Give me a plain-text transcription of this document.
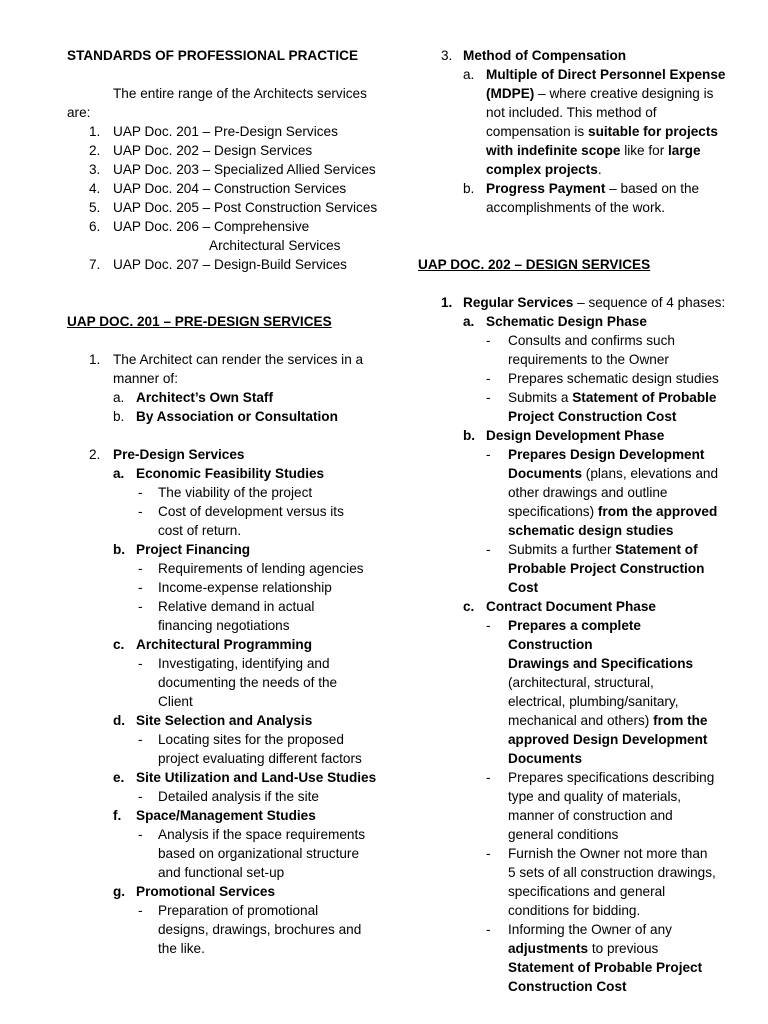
STANDARDS OF PROFESSIONAL PRACTICE
The entire range of the Architects services
are:
1. UAP Doc. 201 – Pre-Design Services
2. UAP Doc. 202 – Design Services
3. UAP Doc. 203 – Specialized Allied Services
4. UAP Doc. 204 – Construction Services
5. UAP Doc. 205 – Post Construction Services
6. UAP Doc. 206 – Comprehensive
Architectural Services
7. UAP Doc. 207 – Design-Build Services
UAP DOC. 201 – PRE-DESIGN SERVICES
1. The Architect can render the services in a
manner of:
a. Architect’s Own Staff
b. By Association or Consultation
2. Pre-Design Services
a. Economic Feasibility Studies
- The viability of the project
- Cost of development versus its
cost of return.
b. Project Financing
- Requirements of lending agencies
- Income-expense relationship
- Relative demand in actual
financing negotiations
c. Architectural Programming
- Investigating, identifying and
documenting the needs of the
Client
d. Site Selection and Analysis
- Locating sites for the proposed
project evaluating different factors
e. Site Utilization and Land-Use Studies
- Detailed analysis if the site
f. Space/Management Studies
- Analysis if the space requirements
based on organizational structure
and functional set-up
g. Promotional Services
- Preparation of promotional
designs, drawings, brochures and
the like.
3. Method of Compensation
a. Multiple of Direct Personnel Expense
(MDPE) – where creative designing is
not included. This method of
compensation is suitable for projects
with indefinite scope like for large
complex projects.
b. Progress Payment – based on the
accomplishments of the work.
UAP DOC. 202 – DESIGN SERVICES
1. Regular Services – sequence of 4 phases:
a. Schematic Design Phase
- Consults and confirms such
requirements to the Owner
- Prepares schematic design studies
- Submits a Statement of Probable
Project Construction Cost
b. Design Development Phase
- Prepares Design Development
Documents (plans, elevations and
other drawings and outline
specifications) from the approved
schematic design studies
- Submits a further Statement of
Probable Project Construction
Cost
c. Contract Document Phase
- Prepares a complete Construction
Drawings and Specifications
(architectural, structural,
electrical, plumbing/sanitary,
mechanical and others) from the
approved Design Development
Documents
- Prepares specifications describing
type and quality of materials,
manner of construction and
general conditions
- Furnish the Owner not more than
5 sets of all construction drawings,
specifications and general
conditions for bidding.
- Informing the Owner of any
adjustments to previous
Statement of Probable Project
Construction Cost
